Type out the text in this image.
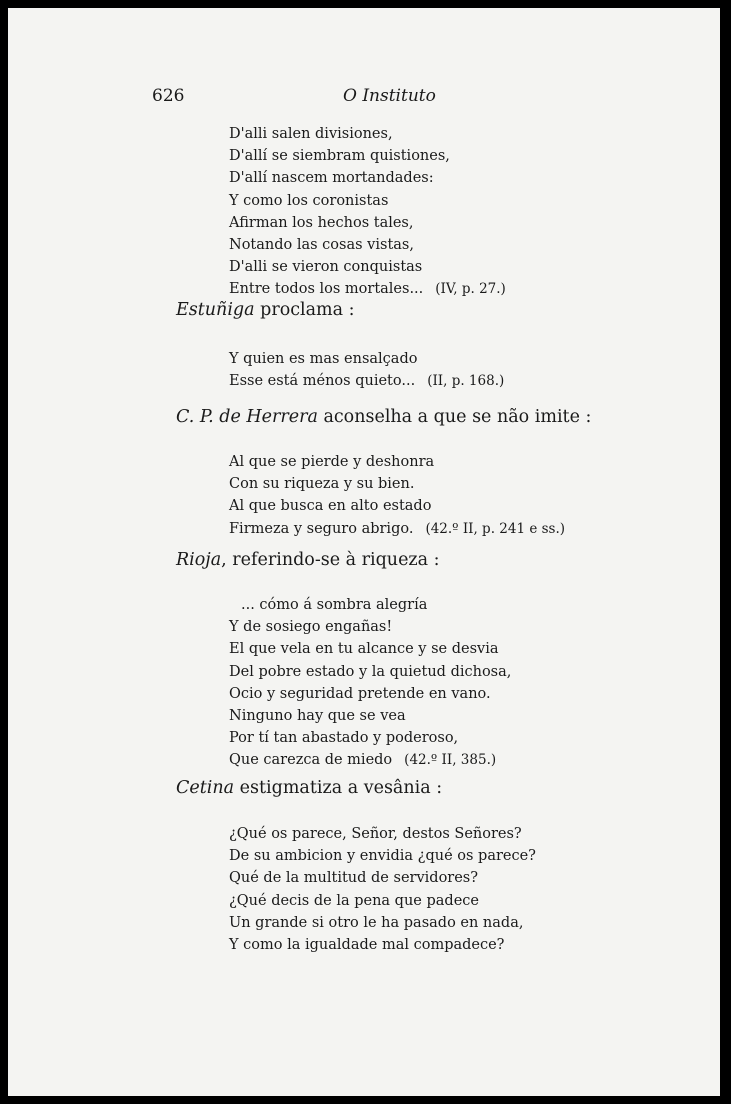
626	O Instituto
D'alli salen divisiones,
D'allí se siembram quistiones,
D'allí nascem mortandades:
Y como los coronistas
Afirman los hechos tales,
Notando las cosas vistas,
D'alli se vieron conquistas
Entre todos los mortales... (IV, p. 27.)
Estuñiga proclama :
Y quien es mas ensalçado
Esse está ménos quieto... (II, p. 168.)
C. P. de Herrera aconselha a que se não imite :
Al que se pierde y deshonra
Con su riqueza y su bien.
Al que busca en alto estado
Firmeza y seguro abrigo. (42.º II, p. 241 e ss.)
Rioja, referindo-se à riqueza :
... cómo á sombra alegría
Y de sosiego engañas!
El que vela en tu alcance y se desvia
Del pobre estado y la quietud dichosa,
Ocio y seguridad pretende en vano.
Ninguno hay que se vea
Por tí tan abastado y poderoso,
Que carezca de miedo (42.º II, 385.)
Cetina estigmatiza a vesânia :
¿Qué os parece, Señor, destos Señores?
De su ambicion y envidia ¿qué os parece?
Qué de la multitud de servidores?
¿Qué decis de la pena que padece
Un grande si otro le ha pasado en nada,
Y como la igualdade mal compadece?
